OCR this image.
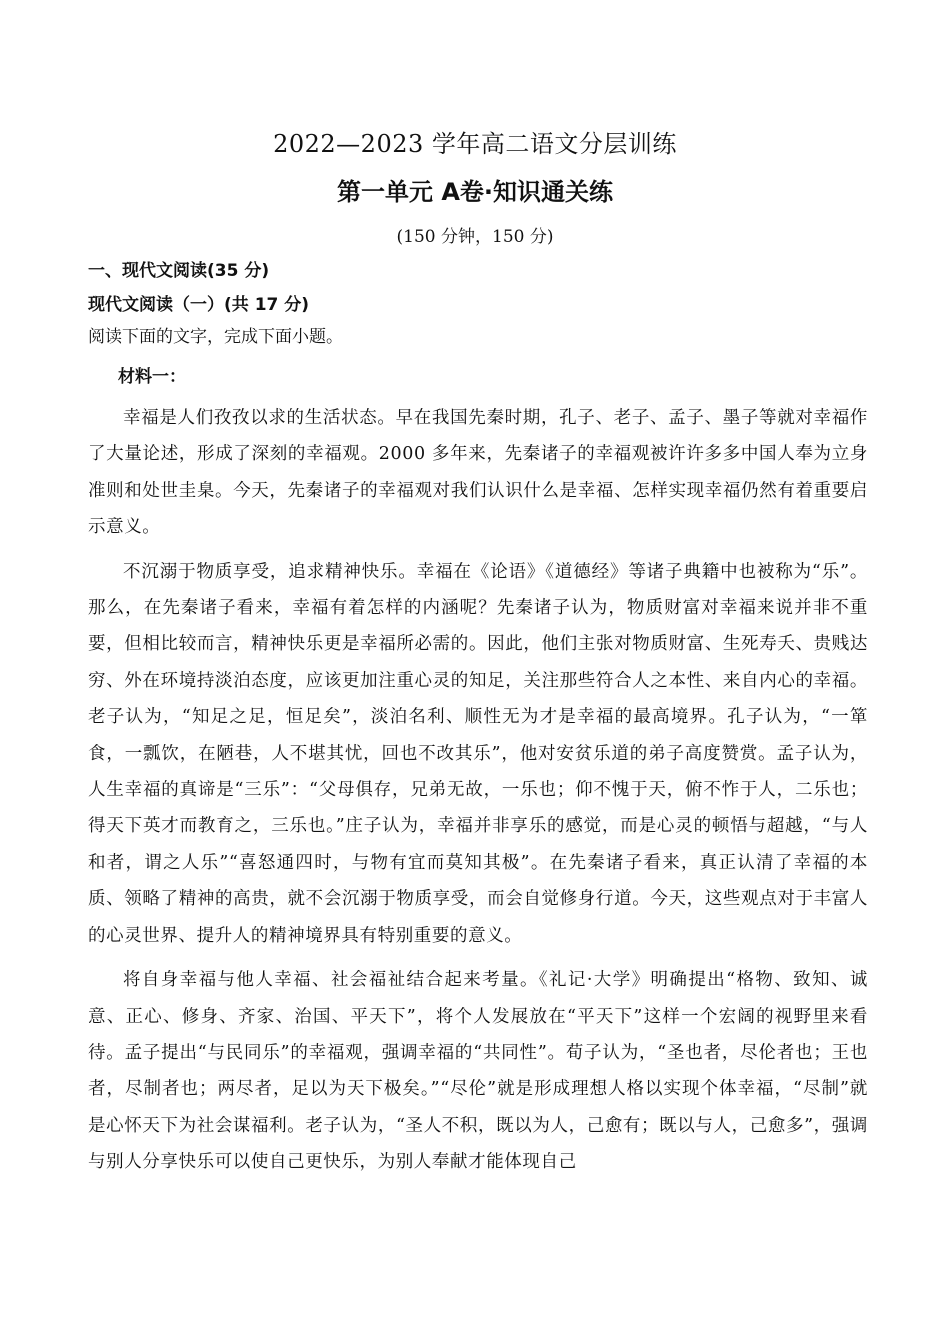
2022—2023 学年高二语文分层训练
第一单元 A卷·知识通关练
(150 分钟，150 分)
一、现代文阅读(35 分)
现代文阅读（一）(共 17 分)
阅读下面的文字，完成下面小题。
材料一：

幸福是人们孜孜以求的生活状态。早在我国先秦时期，孔子、老子、孟子、墨子等就对幸福作了大量论述，形成了深刻的幸福观。2000 多年来，先秦诸子的幸福观被许许多多中国人奉为立身准则和处世圭臬。今天，先秦诸子的幸福观对我们认识什么是幸福、怎样实现幸福仍然有着重要启示意义。

不沉溺于物质享受，追求精神快乐。幸福在《论语》《道德经》等诸子典籍中也被称为“乐”。那么，在先秦诸子看来，幸福有着怎样的内涵呢？先秦诸子认为，物质财富对幸福来说并非不重要，但相比较而言，精神快乐更是幸福所必需的。因此，他们主张对物质财富、生死寿夭、贵贱达穷、外在环境持淡泊态度，应该更加注重心灵的知足，关注那些符合人之本性、来自内心的幸福。老子认为，“知足之足，恒足矣”，淡泊名利、顺性无为才是幸福的最高境界。孔子认为，“一箪食，一瓢饮，在陋巷，人不堪其忧，回也不改其乐”，他对安贫乐道的弟子高度赞赏。孟子认为，人生幸福的真谛是“三乐”：“父母俱存，兄弟无故，一乐也；仰不愧于天，俯不怍于人，二乐也；得天下英才而教育之，三乐也。”庄子认为，幸福并非享乐的感觉，而是心灵的顿悟与超越，“与人和者，谓之人乐”“喜怒通四时，与物有宜而莫知其极”。在先秦诸子看来，真正认清了幸福的本质、领略了精神的高贵，就不会沉溺于物质享受，而会自觉修身行道。今天，这些观点对于丰富人的心灵世界、提升人的精神境界具有特别重要的意义。

将自身幸福与他人幸福、社会福祉结合起来考量。《礼记·大学》明确提出“格物、致知、诚意、正心、修身、齐家、治国、平天下”，将个人发展放在“平天下”这样一个宏阔的视野里来看待。孟子提出“与民同乐”的幸福观，强调幸福的“共同性”。荀子认为，“圣也者，尽伦者也；王也者，尽制者也；两尽者，足以为天下极矣。”“尽伦”就是形成理想人格以实现个体幸福，“尽制”就是心怀天下为社会谋福利。老子认为，“圣人不积，既以为人，己愈有；既以与人，己愈多”，强调与别人分享快乐可以使自己更快乐，为别人奉献才能体现自己
